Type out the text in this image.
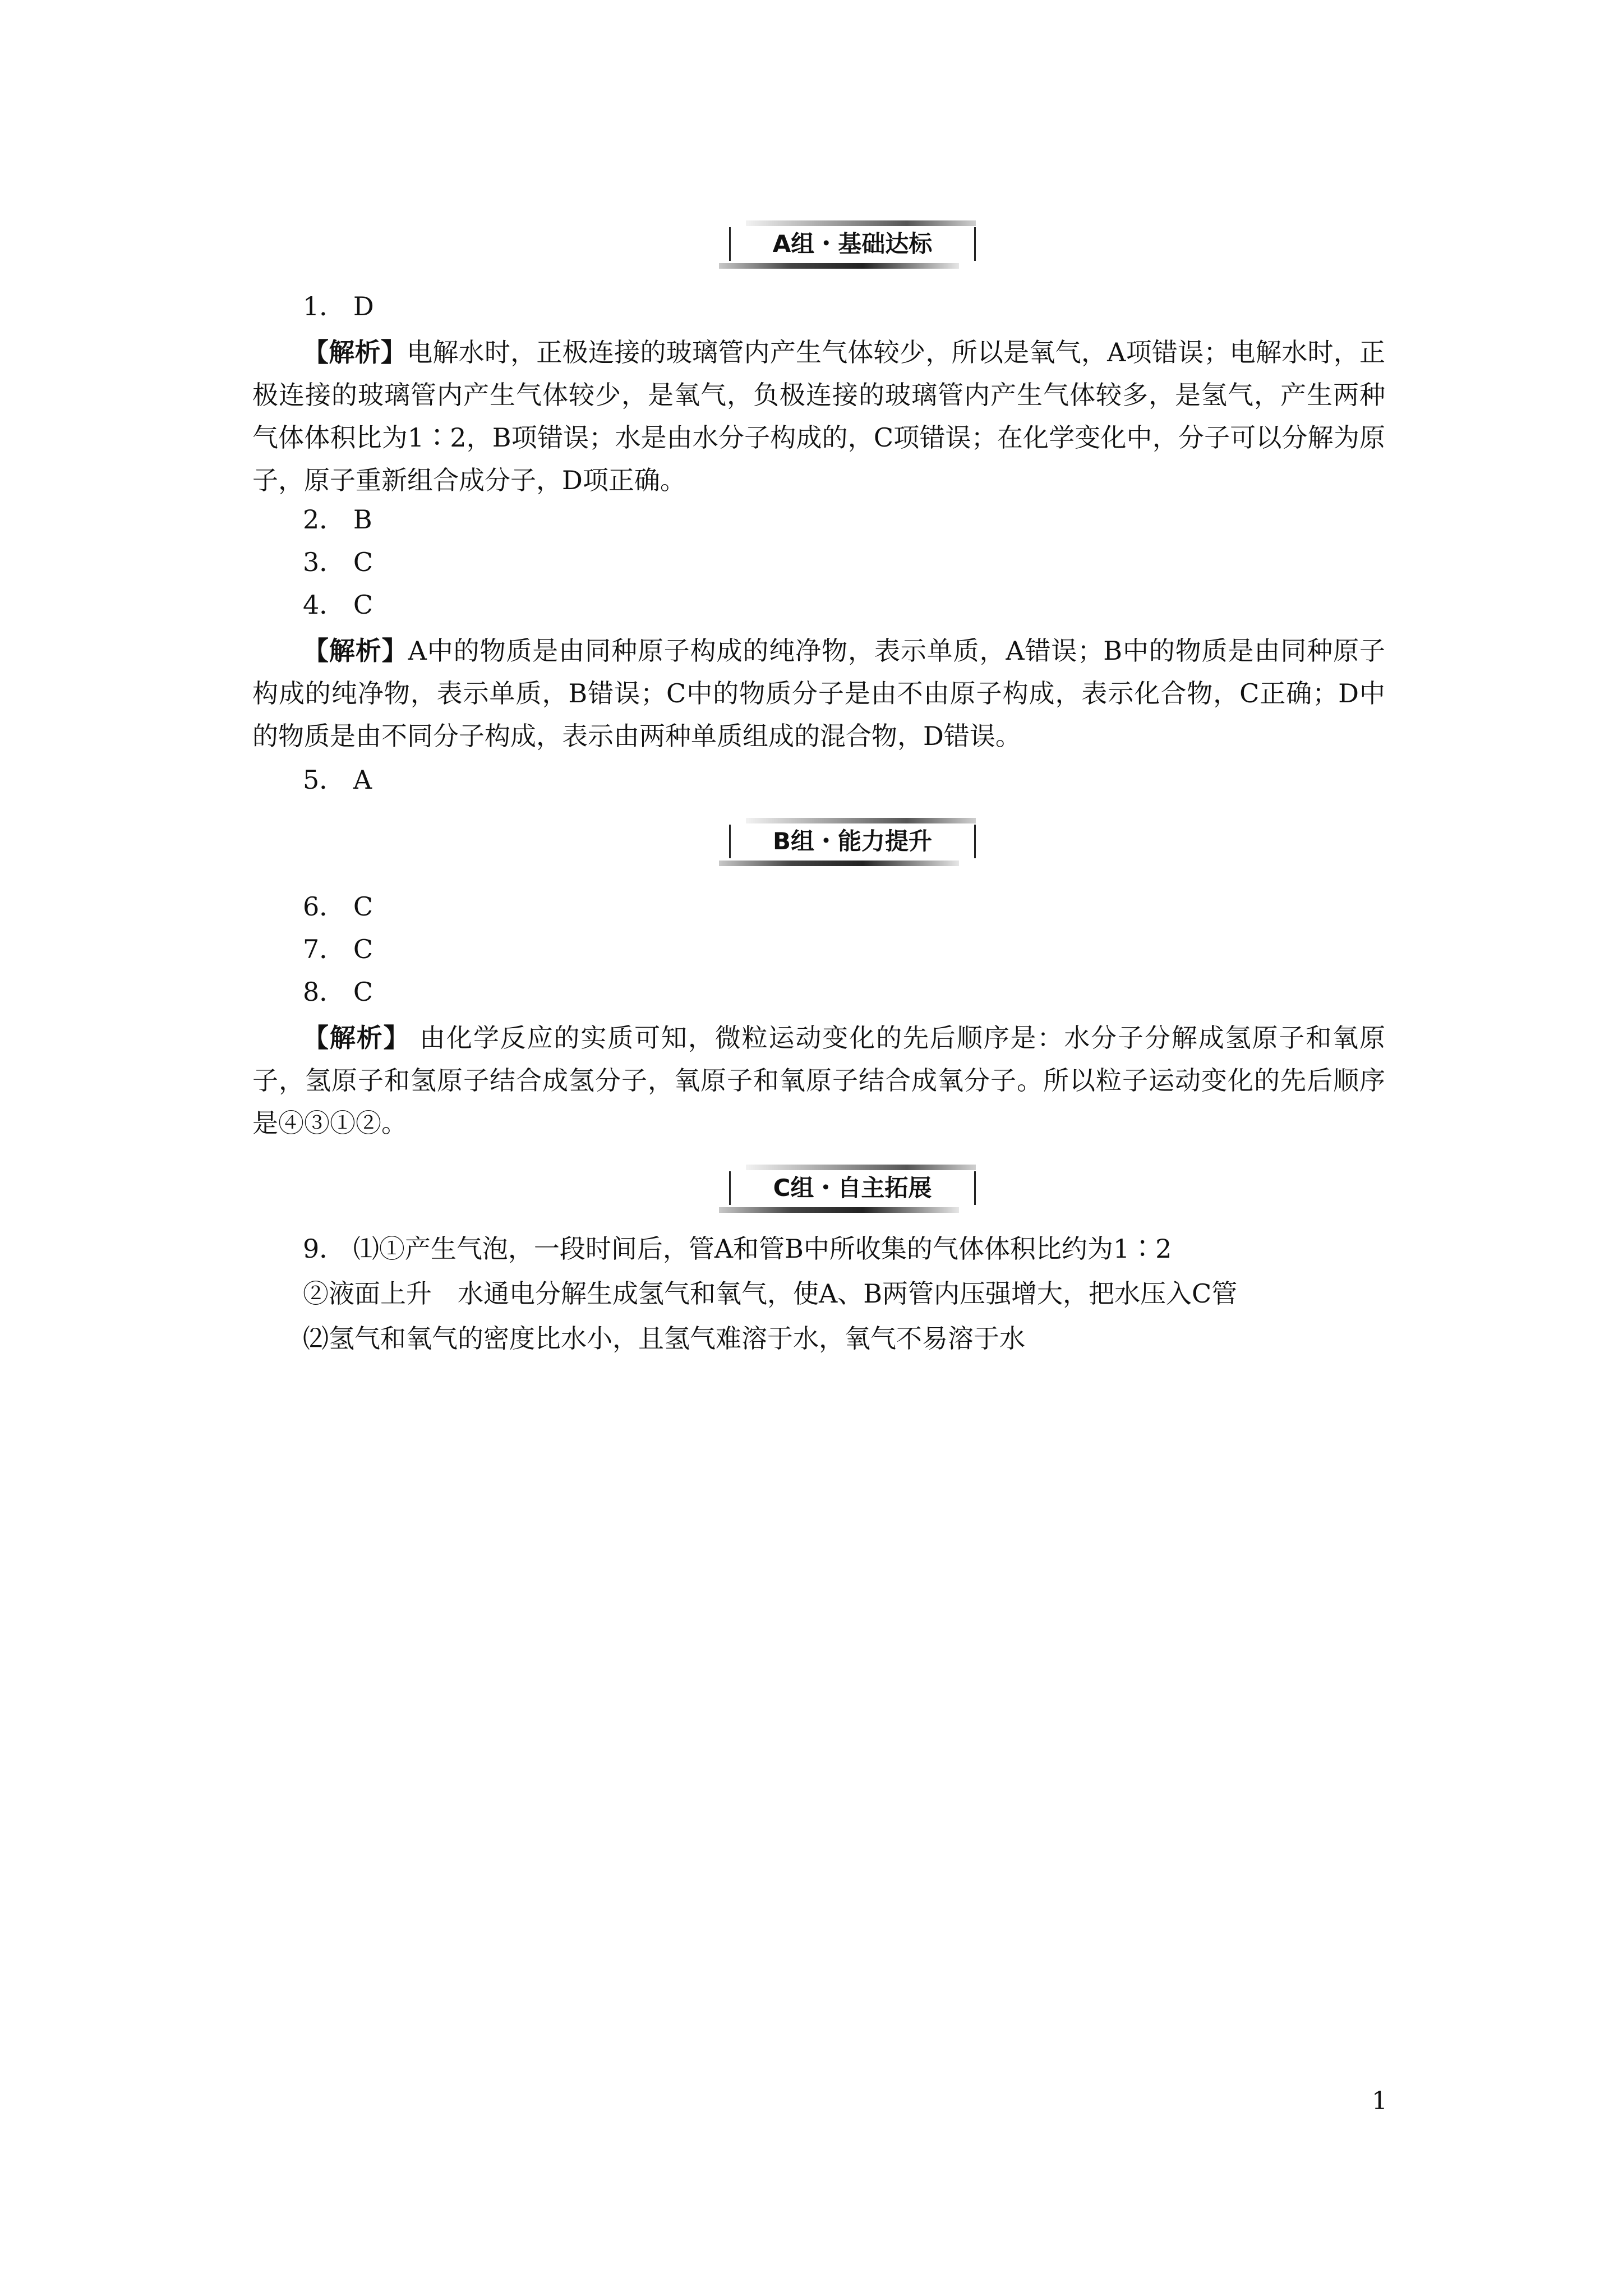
A组・基础达标
1． D
【解析】电解水时，正极连接的玻璃管内产生气体较少，所以是氧气，A项错误；电解水时，正极连接的玻璃管内产生气体较少，是氧气，负极连接的玻璃管内产生气体较多，是氢气，产生两种气体体积比为1∶2，B项错误；水是由水分子构成的，C项错误；在化学变化中，分子可以分解为原子，原子重新组合成分子，D项正确。
2． B
3． C
4． C
【解析】A中的物质是由同种原子构成的纯净物，表示单质，A错误；B中的物质是由同种原子构成的纯净物，表示单质，B错误；C中的物质分子是由不由原子构成，表示化合物，C正确；D中的物质是由不同分子构成，表示由两种单质组成的混合物，D错误。
5． A
B组・能力提升
6． C
7． C
8． C
【解析】 由化学反应的实质可知，微粒运动变化的先后顺序是：水分子分解成氢原子和氧原子，氢原子和氢原子结合成氢分子，氧原子和氧原子结合成氧分子。所以粒子运动变化的先后顺序是④③①②。
C组・自主拓展
9． ⑴①产生气泡，一段时间后，管A和管B中所收集的气体体积比约为1∶2
②液面上升　水通电分解生成氢气和氧气，使A、B两管内压强增大，把水压入C管
⑵氢气和氧气的密度比水小，且氢气难溶于水，氧气不易溶于水
1
